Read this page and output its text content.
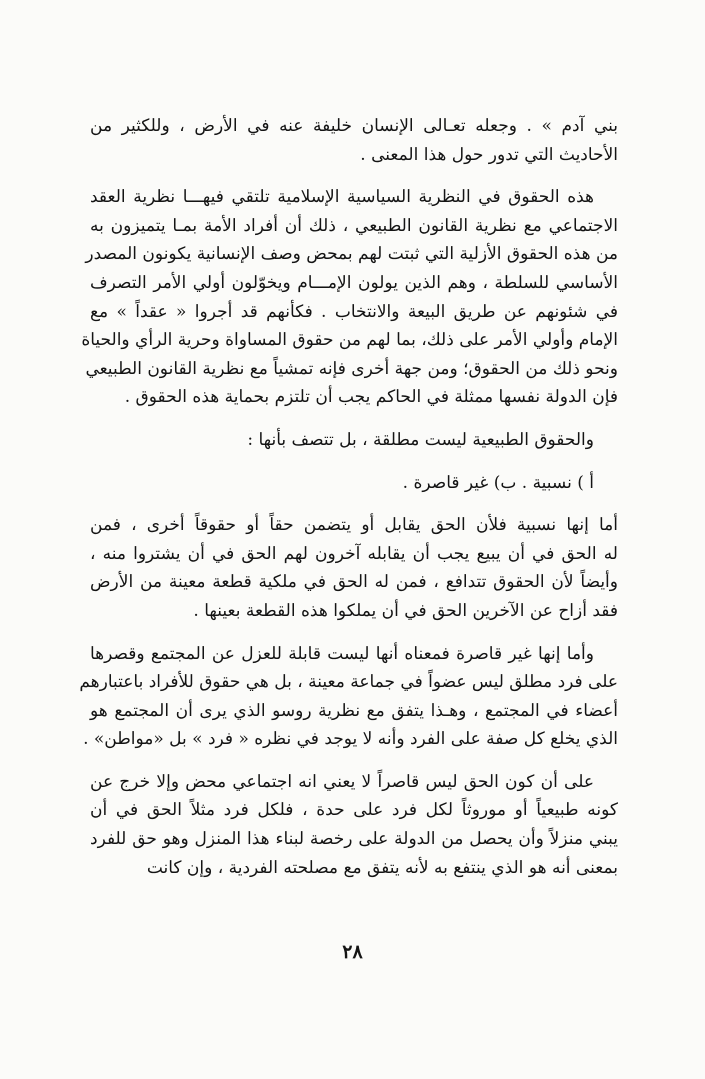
بني آدم » . وجعله تعـالى الإنسان خليفة عنه في الأرض ، وللكثير من
الأحاديث التي تدور حول هذا المعنى .

هذه الحقوق في النظرية السياسية الإسلامية تلتقي فيهـــا نظرية العقد
الاجتماعي مع نظرية القانون الطبيعي ، ذلك أن أفراد الأمة بمـا يتميزون به
من هذه الحقوق الأزلية التي ثبتت لهم بمحض وصف الإنسانية يكونون المصدر
الأساسي للسلطة ، وهم الذين يولون الإمـــام ويخوّلون أولي الأمر التصرف
في شئونهم عن طريق البيعة والانتخاب . فكأنهم قد أجروا « عقداً » مع
الإمام وأولي الأمر على ذلك، بما لهم من حقوق المساواة وحرية الرأي والحياة
ونحو ذلك من الحقوق؛ ومن جهة أخرى فإنه تمشياً مع نظرية القانون الطبيعي
فإن الدولة نفسها ممثلة في الحاكم يجب أن تلتزم بحماية هذه الحقوق .

والحقوق الطبيعية ليست مطلقة ، بل تتصف بأنها :

أ ) نسبية . ب) غير قاصرة .

أما إنها نسبية فلأن الحق يقابل أو يتضمن حقاً أو حقوقاً أخرى ، فمن
له الحق في أن يبيع يجب أن يقابله آخرون لهم الحق في أن يشتروا منه ،
وأيضاً لأن الحقوق تتدافع ، فمن له الحق في ملكية قطعة معينة من الأرض
فقد أزاح عن الآخرين الحق في أن يملكوا هذه القطعة بعينها .

وأما إنها غير قاصرة فمعناه أنها ليست قابلة للعزل عن المجتمع وقصرها
على فرد مطلق ليس عضواً في جماعة معينة ، بل هي حقوق للأفراد باعتبارهم
أعضاء في المجتمع ، وهـذا يتفق مع نظرية روسو الذي يرى أن المجتمع هو
الذي يخلع كل صفة على الفرد وأنه لا يوجد في نظره « فرد » بل «مواطن» .

على أن كون الحق ليس قاصراً لا يعني انه اجتماعي محض وإلا خرج عن
كونه طبيعياً أو موروثاً لكل فرد على حدة ، فلكل فرد مثلاً الحق في أن
يبني منزلاً وأن يحصل من الدولة على رخصة لبناء هذا المنزل وهو حق للفرد
بمعنى أنه هو الذي ينتفع به لأنه يتفق مع مصلحته الفردية ، وإن كانت

٢٨
